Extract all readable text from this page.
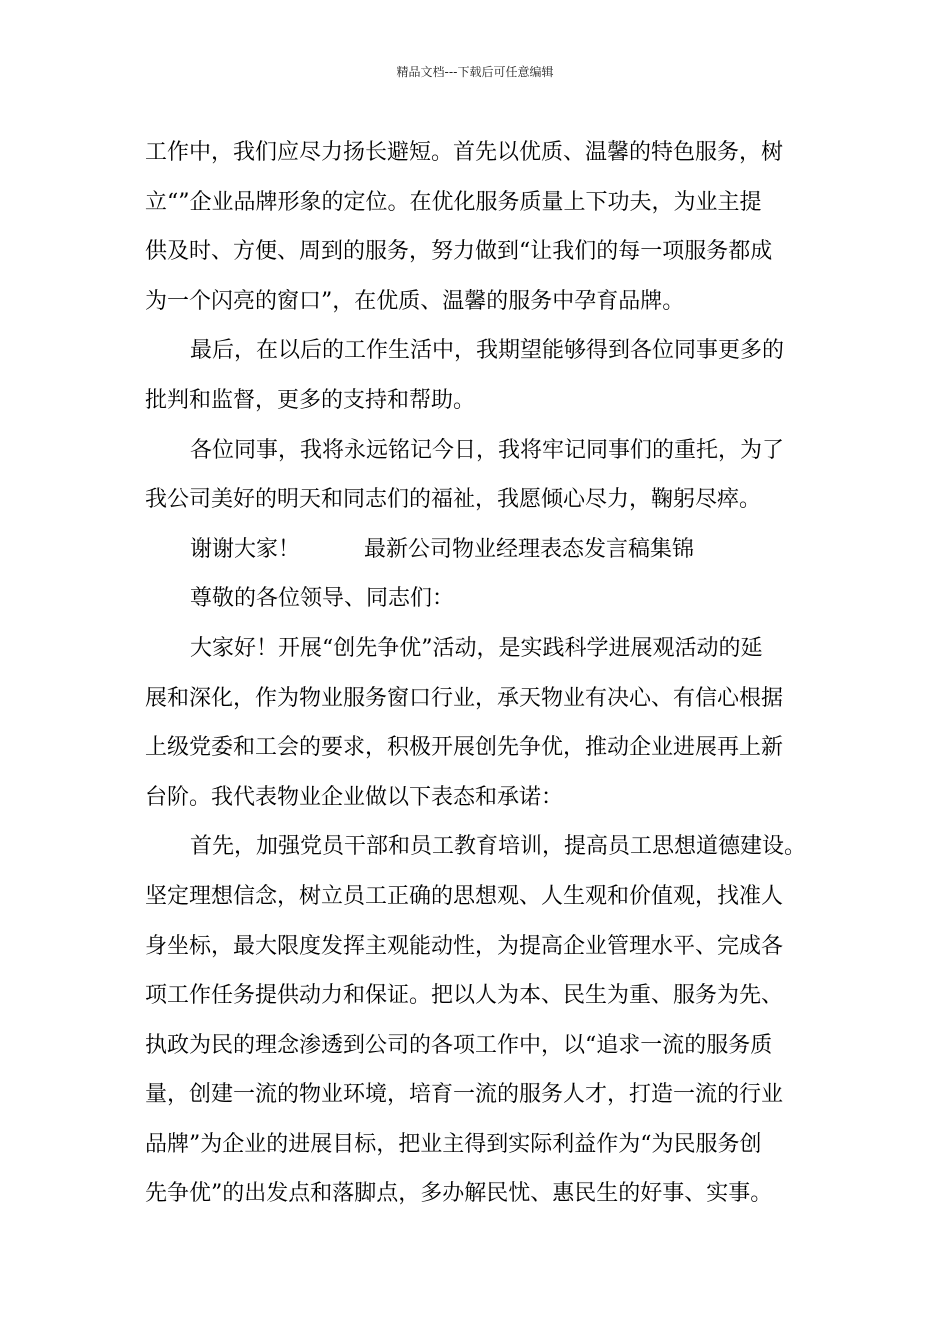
精品文档---下载后可任意编辑
工作中，我们应尽力扬长避短。首先以优质、温馨的特色服务，树
立“”企业品牌形象的定位。在优化服务质量上下功夫，为业主提
供及时、方便、周到的服务，努力做到“让我们的每一项服务都成
为一个闪亮的窗口”，在优质、温馨的服务中孕育品牌。
最后，在以后的工作生活中，我期望能够得到各位同事更多的
批判和监督，更多的支持和帮助。
各位同事，我将永远铭记今日，我将牢记同事们的重托，为了
我公司美好的明天和同志们的福祉，我愿倾心尽力，鞠躬尽瘁。
谢谢大家！	最新公司物业经理表态发言稿集锦
尊敬的各位领导、同志们：
大家好！开展“创先争优”活动，是实践科学进展观活动的延
展和深化，作为物业服务窗口行业，承天物业有决心、有信心根据
上级党委和工会的要求，积极开展创先争优，推动企业进展再上新
台阶。我代表物业企业做以下表态和承诺：
首先，加强党员干部和员工教育培训，提高员工思想道德建设。
坚定理想信念，树立员工正确的思想观、人生观和价值观，找准人
身坐标，最大限度发挥主观能动性，为提高企业管理水平、完成各
项工作任务提供动力和保证。把以人为本、民生为重、服务为先、
执政为民的理念渗透到公司的各项工作中，以“追求一流的服务质
量，创建一流的物业环境，培育一流的服务人才，打造一流的行业
品牌”为企业的进展目标，把业主得到实际利益作为“为民服务创
先争优”的出发点和落脚点，多办解民忧、惠民生的好事、实事。
